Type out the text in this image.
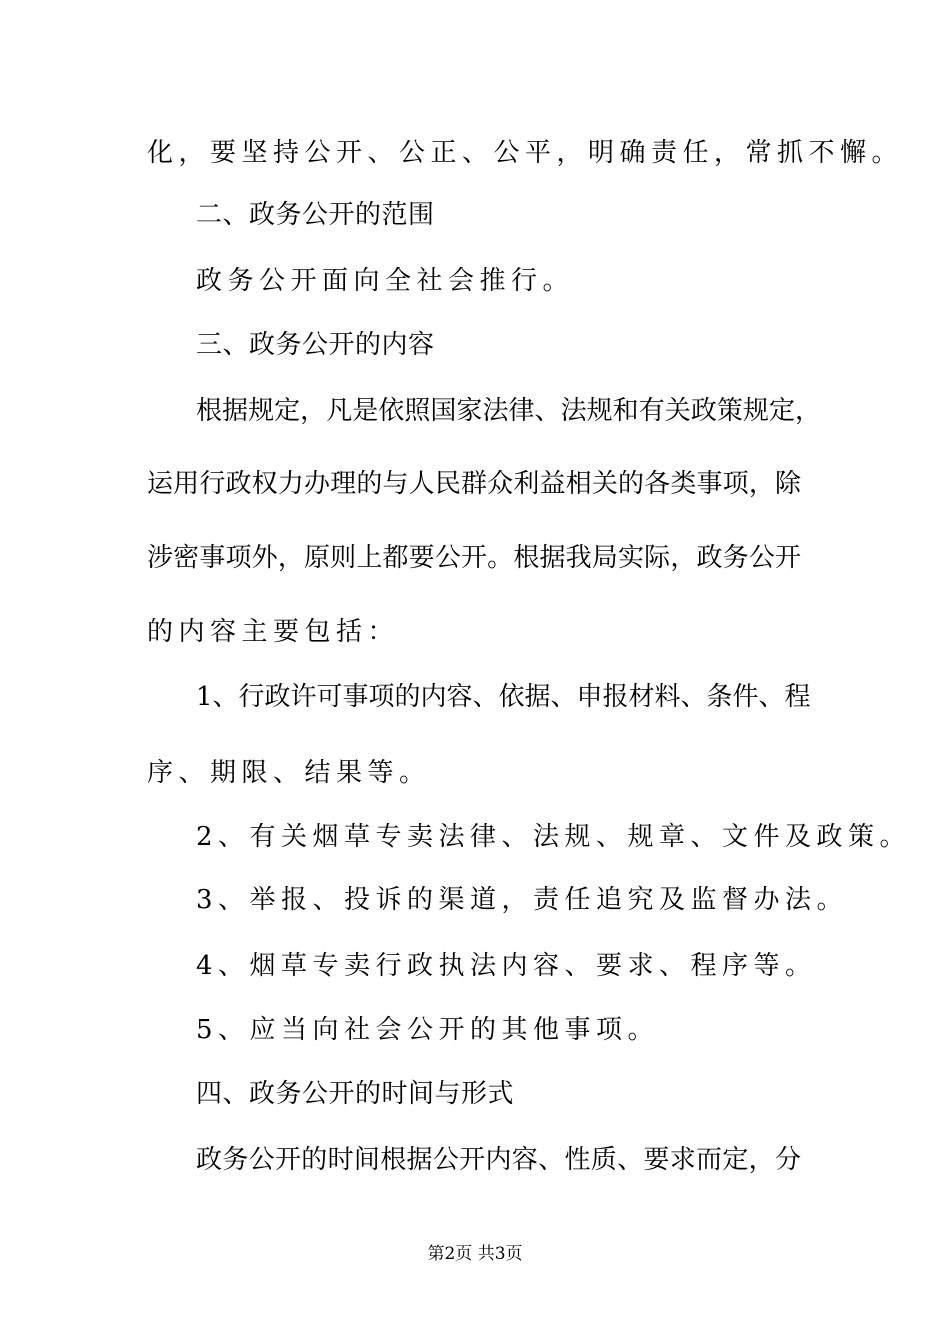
化，要坚持公开、公正、公平，明确责任，常抓不懈。
二、政务公开的范围
政务公开面向全社会推行。
三、政务公开的内容
根据规定，凡是依照国家法律、法规和有关政策规定，
运用行政权力办理的与人民群众利益相关的各类事项，除
涉密事项外，原则上都要公开。根据我局实际，政务公开
的内容主要包括：
1、行政许可事项的内容、依据、申报材料、条件、程
序、期限、结果等。
2、有关烟草专卖法律、法规、规章、文件及政策。
3、举报、投诉的渠道，责任追究及监督办法。
4、烟草专卖行政执法内容、要求、程序等。
5、应当向社会公开的其他事项。
四、政务公开的时间与形式
政务公开的时间根据公开内容、性质、要求而定，分
第2页 共3页
